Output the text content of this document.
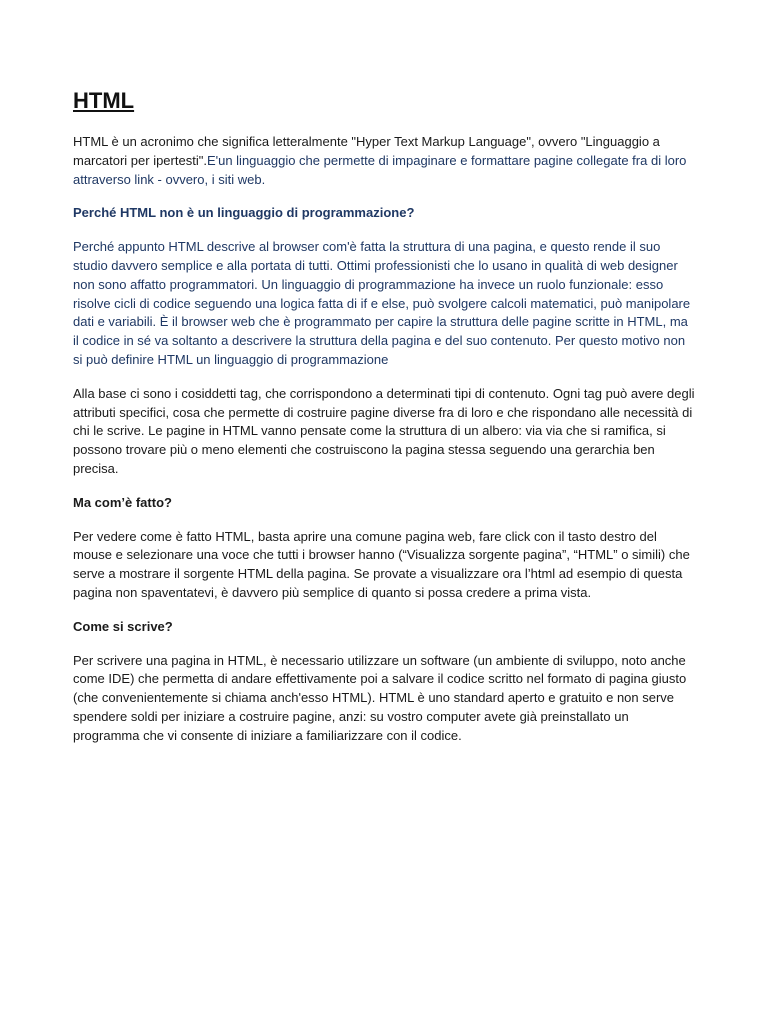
HTML

HTML è un acronimo che significa letteralmente "Hyper Text Markup Language", ovvero "Linguaggio a marcatori per ipertesti".E'un linguaggio che permette di impaginare e formattare pagine collegate fra di loro attraverso link - ovvero, i siti web.

Perché HTML non è un linguaggio di programmazione?

Perché appunto HTML descrive al browser com'è fatta la struttura di una pagina, e questo rende il suo studio davvero semplice e alla portata di tutti. Ottimi professionisti che lo usano in qualità di web designer non sono affatto programmatori. Un linguaggio di programmazione ha invece un ruolo funzionale: esso risolve cicli di codice seguendo una logica fatta di if e else, può svolgere calcoli matematici, può manipolare dati e variabili. È il browser web che è programmato per capire la struttura delle pagine scritte in HTML, ma il codice in sé va soltanto a descrivere la struttura della pagina e del suo contenuto. Per questo motivo non si può definire HTML un linguaggio di programmazione

Alla base ci sono i cosiddetti tag, che corrispondono a determinati tipi di contenuto. Ogni tag può avere degli attributi specifici, cosa che permette di costruire pagine diverse fra di loro e che rispondano alle necessità di chi le scrive. Le pagine in HTML vanno pensate come la struttura di un albero: via via che si ramifica, si possono trovare più o meno elementi che costruiscono la pagina stessa seguendo una gerarchia ben precisa.

Ma com’è fatto?

Per vedere come è fatto HTML, basta aprire una comune pagina web, fare click con il tasto destro del mouse e selezionare una voce che tutti i browser hanno (“Visualizza sorgente pagina”, “HTML” o simili) che serve a mostrare il sorgente HTML della pagina. Se provate a visualizzare ora l’html ad esempio di questa pagina non spaventatevi, è davvero più semplice di quanto si possa credere a prima vista.

Come si scrive?

Per scrivere una pagina in HTML, è necessario utilizzare un software (un ambiente di sviluppo, noto anche come IDE) che permetta di andare effettivamente poi a salvare il codice scritto nel formato di pagina giusto (che convenientemente si chiama anch'esso HTML). HTML è uno standard aperto e gratuito e non serve spendere soldi per iniziare a costruire pagine, anzi: su vostro computer avete già preinstallato un programma che vi consente di iniziare a familiarizzare con il codice.
